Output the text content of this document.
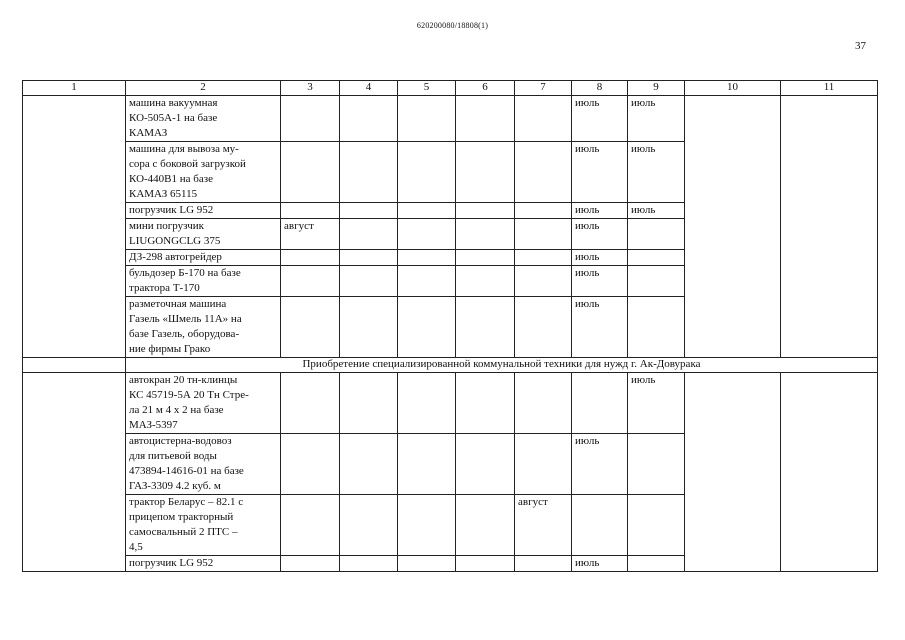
620200080/18808(1)
37
1	2	3	4	5	6	7	8	9	10	11

	машина вакуумная
КО-505А-1 на базе
КАМАЗ						июль	июль		

	машина для вывоза му-
сора с боковой загрузкой
КО-440В1 на базе
КАМАЗ 65115						июль	июль		

	погрузчик LG 952						июль	июль		

	мини погрузчик
LIUGONGCLG 375	август					июль			

	ДЗ-298 автогрейдер						июль			

	бульдозер Б-170 на базе
трактора Т-170						июль			

	разметочная машина
Газель «Шмель 11А» на
базе Газель, оборудова-
ние фирмы Грако						июль			
	Приобретение специализированной коммунальной техники для нужд г. Ак-Довурака									

	автокран 20 тн-клинцы
КС 45719-5А 20 Тн Стре-
ла 21 м 4 х 2 на базе
МАЗ-5397							июль		

	автоцистерна-водовоз
для питьевой воды
473894-14616-01 на базе
ГАЗ-3309 4.2 куб. м						июль			

	трактор Беларус – 82.1 с
прицепом тракторный
самосвальный 2 ПТС –
4,5					август				

	погрузчик LG 952						июль			
